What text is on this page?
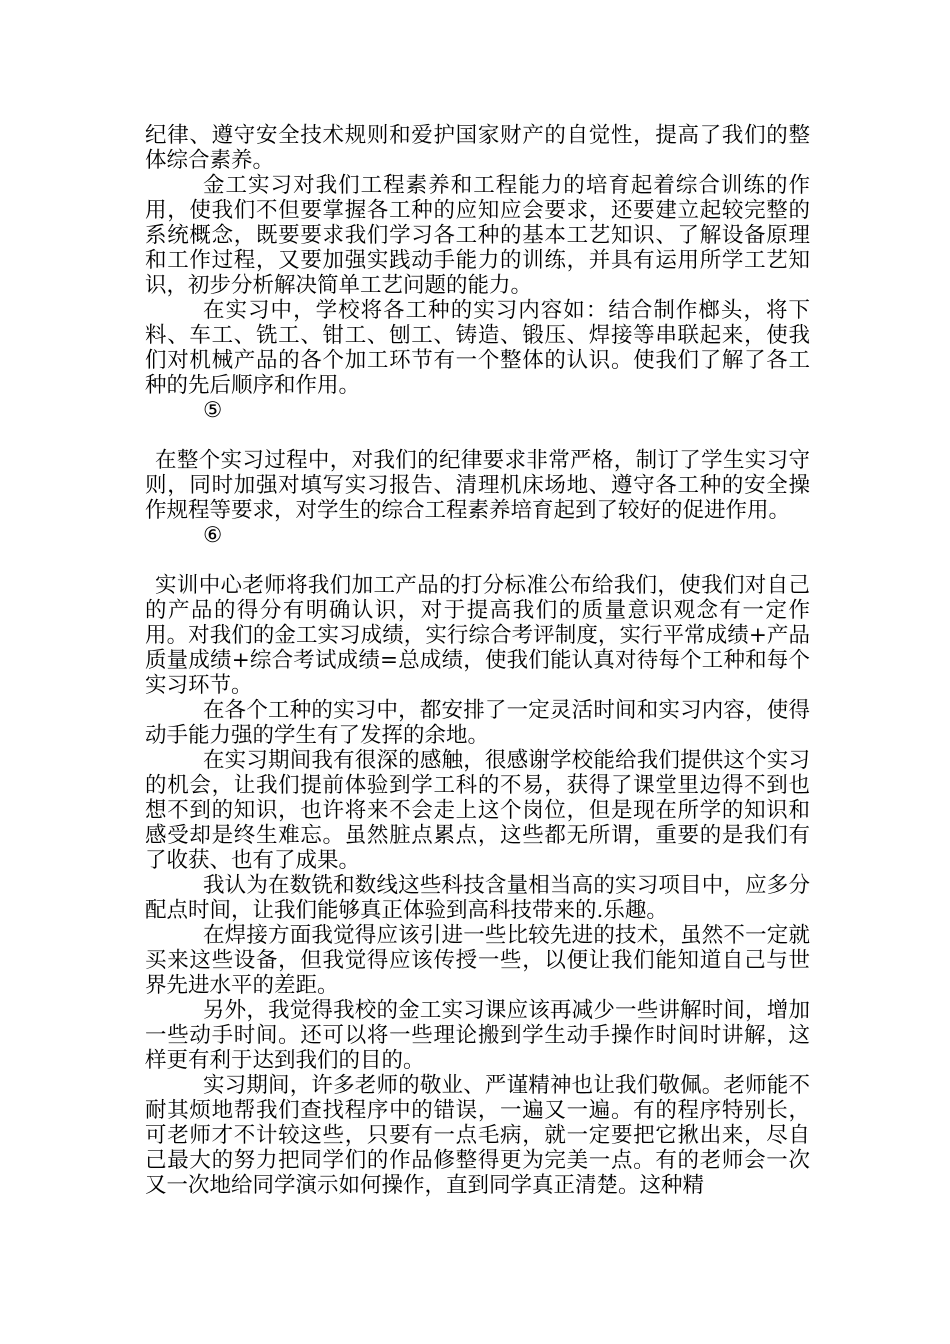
纪律、遵守安全技术规则和爱护国家财产的自觉性，提高了我们的整体综合素养。

金工实习对我们工程素养和工程能力的培育起着综合训练的作用，使我们不但要掌握各工种的应知应会要求，还要建立起较完整的系统概念，既要要求我们学习各工种的基本工艺知识、了解设备原理和工作过程，又要加强实践动手能力的训练，并具有运用所学工艺知识，初步分析解决简单工艺问题的能力。

在实习中，学校将各工种的实习内容如：结合制作榔头，将下料、车工、铣工、钳工、刨工、铸造、锻压、焊接等串联起来，使我们对机械产品的各个加工环节有一个整体的认识。使我们了解了各工种的先后顺序和作用。

⑤

在整个实习过程中，对我们的纪律要求非常严格，制订了学生实习守则，同时加强对填写实习报告、清理机床场地、遵守各工种的安全操作规程等要求，对学生的综合工程素养培育起到了较好的促进作用。

⑥

实训中心老师将我们加工产品的打分标准公布给我们，使我们对自己的产品的得分有明确认识，对于提高我们的质量意识观念有一定作用。对我们的金工实习成绩，实行综合考评制度，实行平常成绩+产品质量成绩+综合考试成绩=总成绩，使我们能认真对待每个工种和每个实习环节。

在各个工种的实习中，都安排了一定灵活时间和实习内容，使得动手能力强的学生有了发挥的余地。

在实习期间我有很深的感触，很感谢学校能给我们提供这个实习的机会，让我们提前体验到学工科的不易，获得了课堂里边得不到也想不到的知识，也许将来不会走上这个岗位，但是现在所学的知识和感受却是终生难忘。虽然脏点累点，这些都无所谓，重要的是我们有了收获、也有了成果。

我认为在数铣和数线这些科技含量相当高的实习项目中，应多分配点时间，让我们能够真正体验到高科技带来的.乐趣。

在焊接方面我觉得应该引进一些比较先进的技术，虽然不一定就买来这些设备，但我觉得应该传授一些，以便让我们能知道自己与世界先进水平的差距。

另外，我觉得我校的金工实习课应该再减少一些讲解时间，增加一些动手时间。还可以将一些理论搬到学生动手操作时间时讲解，这样更有利于达到我们的目的。

实习期间，许多老师的敬业、严谨精神也让我们敬佩。老师能不耐其烦地帮我们查找程序中的错误，一遍又一遍。有的程序特别长，可老师才不计较这些，只要有一点毛病，就一定要把它揪出来，尽自己最大的努力把同学们的作品修整得更为完美一点。有的老师会一次又一次地给同学演示如何操作，直到同学真正清楚。这种精
